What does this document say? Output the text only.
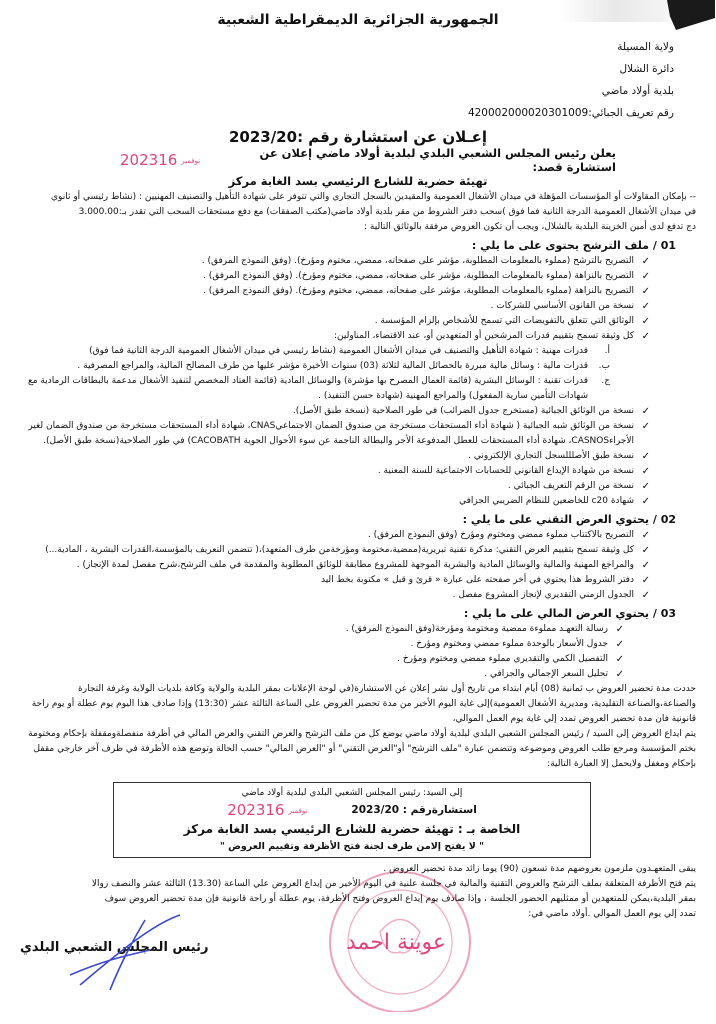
الجمهورية الجزائرية الديمقراطية الشعبية
ولاية المسيلة
دائرة الشلال
بلدية أولاد ماضي
رقم تعريف الجبائي:420002000020301009
إعـلان عن استشارة رقم :2023/20
يعلن رئيس المجلس الشعبي البلدي لبلدية أولاد ماضي إعلان عن استشارة قصد:
2023	نوفمبر16
تهيئة حضرية للشارع الرئيسي بسد الغابة مركز
-- بإمكان المقاولات أو المؤسسات المؤهلة في ميدان الأشغال العمومية والمقيدين بالسجل التجاري والتي تتوفر على شهادة التأهيل والتصنيف المهنيين : (نشاط رئيسي أو ثانوي
في ميدان الأشغال العمومية الدرجة الثانية فما فوق )سحب دفتر الشروط من مقر بلدية أولاد ماضي(مكتب الصفقات) مع دفع مستحقات السحب التي تقدر بـ:3.000.00
دج تدفع لدى أمين الخزينة البلدية بالشلال، ويجب أن تكون العروض مرفقة بالوثائق التالية :
01 / ملف الترشح يحتوى على ما يلي :
✓
التصريح بالترشح (مملوء بالمعلومات المطلوبة، مؤشر على صفحاته، ممضي، مختوم ومؤرخ). (وفق النموذج المرفق) .
✓
التصريح بالنزاهة (مملوء بالمعلومات المطلوبة، مؤشر على صفحاته، ممضي، مختوم ومؤرخ). (وفق النموذج المرفق) .
✓
التصريح بالنزاهة (مملوء بالمعلومات المطلوبة، مؤشر على صفحاته، ممضي، مختوم ومؤرخ). (وفق النموذج المرفق) .
✓
نسخة من القانون الأساسي للشركات .
✓
الوثائق التي تتعلق بالتفويضات التي تسمح للأشخاص بإلزام المؤسسة .
✓
كل وثيقة تسمح بتقييم قدرات المرشحين أو المتعهدين أو، عند الاقتضاء، المناولين:
أ.
قدرات مهنية : شهادة التأهيل والتصنيف في ميدان الأشغال العمومية (نشاط رئيسي في ميدان الأشغال العمومية الدرجة الثانية فما فوق)
ب.
قدرات مالية : وسائل مالية مبررة بالحصائل المالية لثلاثة (03) سنوات الأخيرة مؤشر عليها من طرف المصالح المالية، والمراجع المصرفية .
ج.
قدرات تقنية : الوسائل البشرية (قائمة العمال المصرح بها مؤشرة) والوسائل المادية (قائمة العتاد المخصص لتنفيذ الأشغال مدعمة بالبطاقات الرمادية مع
شهادات التأمين سارية المفعول) والمراجع المهنية (شهادة حسن التنفيذ) .
✓
نسخة من الوثائق الجبائية (مستخرج جدول الضرائب) في طور الصلاحية (نسخة طبق الأصل).
✓
نسخة من الوثائق شبه الجبائية ( شهادة أداء المستحقات مستخرجة من صندوق الضمان الاجتماعيCNAS، شهادة أداء المستحقات مستخرجة من صندوق الضمان لغير
الأجراءCASNOS، شهادة أداء المستحقات للعطل المدفوعة الأجر والبطالة الناجمة عن سوء الأحوال الجوية CACOBATH) في طور الصلاحية(نسخة طبق الأصل).
✓
نسخة طبق الأصلللسجل التجاري الإلكتروني .
✓
نسخة من شهادة الإيداع القانوني للحسابات الاجتماعية للسنة المعنية .
✓
نسخة من الرقم التعريف الجبائي .
✓
شهادة c20 للخاضعين للنظام الضريبي الجزافي
02 / يحتوي العرض التقني على ما يلي :
✓
التصريح بالاكتتاب مملوء ممضي ومختوم ومؤرخ (وفق النموذج المرفق) .
✓
كل وثيقة تسمح بتقييم العرض التقني: مذكرة تقنية تبريرية(ممضية،مختومة ومؤرخةمن طرف المتعهد)،( تتضمن التعريف بالمؤسسة،القدرات البشرية ، المادية...)
✓
والمراجع المهنية والمالية والوسائل المادية والبشرية الموجهة للمشروع مطابقة للوثائق المطلوبة والمقدمة في ملف الترشح،شرح مفصل لمدة الإنجاز) .
✓
دفتر الشروط هذا يحتوي في أخر صفحته على عبارة « قرئ و قبل » مكتوبة بخط اليد
✓
الجدول الزمني التقديري لإنجاز المشروع مفصل .
03 / يحتوي العرض المالي على ما يلي :
✓
رسالة التعهـد مملوءة ممضية ومختومة ومؤرخة(وفق النموذج المرفق) .
✓
جدول الأسعار بالوحدة مملوء ممضي ومختوم ومؤرخ .
✓
التفصيل الكمي والتقديري مملوء ممضي ومختوم ومؤرخ .
✓
تحليل السعر الإجمالي والجزافي .
حددت مدة تحضير العروض ب ثمانية (08) أيام ابتداء من تاريخ أول نشر إعلان عن الاستشارة(في لوحة الإعلانات بمقر البلدية والولاية وكافة بلديات الولاية وغرفة التجارة
والصناعة،والصناعة التقليدية، ومديرية الأشغال العمومية)إلى غاية اليوم الأخير من مدة تحضير العروض على الساعة الثالثة عشر (13:30) وإذا صادف هذا اليوم يوم عطلة أو يوم راحة
قانونية فان مدة تحضير العروض تمدد إلي غاية يوم العمل الموالي،
يتم ايداع العروض إلى السيد / رئيس المجلس الشعبي البلدي لبلدية أولاد ماضي يوضع كل من ملف الترشح والعرض التقني والعرض المالي في أظرفة منفصلةومقفلة بإحكام ومختومة
بختم المؤسسة ومرجع طلب العروض وموضوعه وتتضمن عبارة "ملف الترشح" أو"العرض التقني" أو "العرض المالي" حسب الحالة وتوضع هذه الأظرفة في ظرف آخر خارجي مقفل
بإحكام ومغفل ولايحمل إلا العبارة التالية:
إلى السيد: رئيس المجلس الشعبي البلدي لبلدية أولاد ماضي
استشارةرقم : 2023/20
2023	نوفمبر16
الخاصة بـ : تهيئة حضرية للشارع الرئيسي بسد الغابة مركز
" لا يفتح إلامن طرف لجنة فتح الأظرفة وتقييم العروض "
يبقى المتعهـدون ملزمون بعروضهم مدة تسعون (90) يوما زائد مدة تحضير العروض .
يتم فتح الأظرفة المتعلقة بملف الترشح والعروض التقنية والمالية في جلسة علنية في اليوم الأخير من إيداع العروض علي الساعة (13.30) الثالثة عشر والنصف زوالا
بمقر البلدية،يمكن للمتعهدين أو ممثليهم الحضور الجلسة ، وإذا صادف يوم إيداع العروض وفتح الأظرفة، يوم عطلة أو راحة قانونية فإن مدة تحضير العروض سوف
تمدد إلي يوم العمل الموالي .أولاد ماضي في:
رئيس المجلس الشعبي البلدي	عوينة احمد
